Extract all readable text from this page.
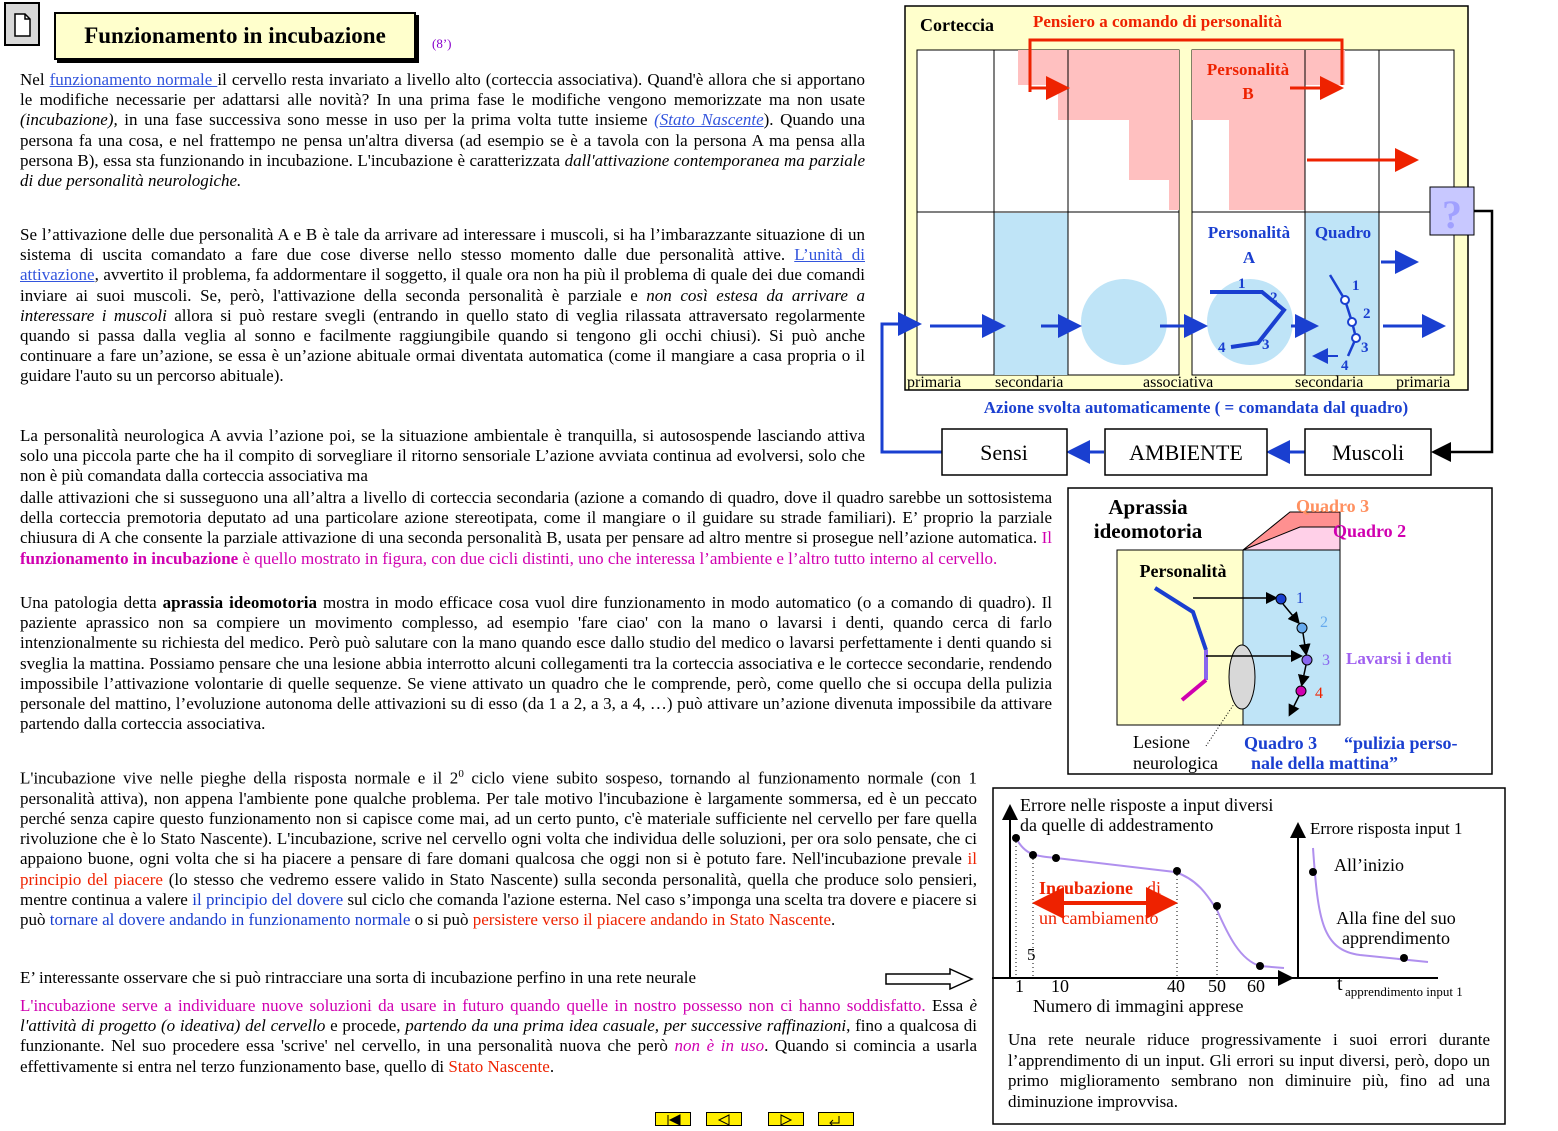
Funzionamento in incubazione	(8’)
Nel funzionamento normale il cervello resta invariato a livello alto (corteccia associativa). Quand'è allora che si apportano le modifiche necessarie per adattarsi alle novità? In una prima fase le modifiche vengono memorizzate ma non usate (incubazione), in una fase successiva sono messe in uso per la prima volta tutte insieme (Stato Nascente). Quando una persona fa una cosa, e nel frattempo ne pensa un'altra diversa (ad esempio se è a tavola con la persona A ma pensa alla persona B), essa sta funzionando in incubazione. L'incubazione è caratterizzata dall'attivazione contemporanea ma parziale di due personalità neurologiche.
Se l’attivazione delle due personalità A e B è tale da arrivare ad interessare i muscoli, si ha l’imbarazzante situazione di un sistema di uscita comandato a fare due cose diverse nello stesso momento dalle due personalità attive. L’unità di attivazione, avvertito il problema, fa addormentare il soggetto, il quale ora non ha più il problema di quale dei due comandi inviare ai suoi muscoli. Se, però, l'attivazione della seconda personalità è parziale e non così estesa da arrivare a interessare i muscoli allora si può restare svegli (entrando in quello stato di veglia rilassata attraversato regolarmente quando si passa dalla veglia al sonno e facilmente raggiungibile quando si tengono gli occhi chiusi). Si può anche continuare a fare un’azione, se essa è un’azione abituale ormai diventata automatica (come il mangiare a casa propria o il guidare l'auto su un percorso abituale).
La personalità neurologica A avvia l’azione poi, se la situazione ambientale è tranquilla, si autosospende lasciando attiva solo una piccola parte che ha il compito di sorvegliare il ritorno sensoriale L’azione avviata continua ad evolversi, solo che non è più comandata dalla corteccia associativa ma
dalle attivazioni che si susseguono una all’altra a livello di corteccia secondaria (azione a comando di quadro, dove il quadro sarebbe un sottosistema della corteccia premotoria deputato ad una particolare azione stereotipata, come il mangiare o il guidare su strade familiari). E’ proprio la parziale chiusura di A che consente la parziale attivazione di una seconda personalità B, usata per pensare ad altro mentre si prosegue nell’azione automatica. Il funzionamento in incubazione è quello mostrato in figura, con due cicli distinti, uno che interessa l’ambiente e l’altro tutto interno al cervello.
Una patologia detta aprassia ideomotoria mostra in modo efficace cosa vuol dire funzionamento in modo automatico (o a comando di quadro). Il paziente aprassico non sa compiere un movimento complesso, ad esempio 'fare ciao' con la mano o lavarsi i denti, quando cerca di farlo intenzionalmente su richiesta del medico. Però può salutare con la mano quando esce dallo studio del medico o lavarsi perfettamente i denti quando si sveglia la mattina. Possiamo pensare che una lesione abbia interrotto alcuni collegamenti tra la corteccia associativa e le cortecce secondarie, rendendo impossibile l’attivazione volontarie di quelle sequenze. Se viene attivato un quadro che le comprende, però, come quello che si occupa della pulizia personale del mattino, l’evoluzione autonoma delle attivazioni su di esso (da 1 a 2, a 3, a 4, …) può attivare un’azione divenuta impossibile da attivare partendo dalla corteccia associativa.
L'incubazione vive nelle pieghe della risposta normale e il $2^0$ ciclo viene subito sospeso, tornando al funzionamento normale (con 1 personalità attiva), non appena l'ambiente pone qualche problema. Per tale motivo l'incubazione è largamente sommersa, ed è un peccato perché senza capire questo funzionamento non si capisce come mai, ad un certo punto, c'è materiale sufficiente nel cervello per fare quella rivoluzione che è lo Stato Nascente). L'incubazione, scrive nel cervello ogni volta che individua delle soluzioni, per ora solo pensate, che ci appaiono buone, ogni volta che si ha piacere a pensare di fare domani qualcosa che oggi non si è potuto fare. Nell'incubazione prevale il principio del piacere (lo stesso che vedremo essere valido in Stato Nascente) sulla seconda personalità, quella che produce solo pensieri, mentre continua a valere il principio del dovere sul ciclo che comanda l'azione esterna. Nel caso s’imponga una scelta tra dovere e piacere si può tornare al dovere andando in funzionamento normale o si può persistere verso il piacere andando in Stato Nascente.
E’ interessante osservare che si può rintracciare una sorta di incubazione perfino in una rete neurale
L'incubazione serve a individuare nuove soluzioni da usare in futuro quando quelle in nostro possesso non ci hanno soddisfatto. Essa è l'attività di progetto (o ideativa) del cervello e procede, partendo da una prima idea casuale, per successive raffinazioni, fino a qualcosa di funzionante. Nel suo procedere essa 'scrive' nel cervello, in una personalità nuova che però non è in uso. Quando si comincia a usarla effettivamente si entra nel terzo funzionamento base, quello di Stato Nascente.
Corteccia Pensiero a comando di personalità
Personalità
B
Personalità
A
Quadro ?
1
2
3
4
1
2
3
4
primaria secondaria	associativa	secondaria primaria
Azione svolta automaticamente ( = comandata dal quadro)
Sensi	AMBIENTE	Muscoli
Aprassia
ideomotoria
Quadro 3
Quadro 2
Personalità
1
2
3
4
Lavarsi i denti
Lesione
neurologica
Quadro 3 “pulizia perso-
nale della mattina”
Errore nelle risposte a input diversi
da quelle di addestramento
Incubazione di
un cambiamento
5
1 10	40 50 60
Numero di immagini apprese
Errore risposta input 1
All’inizio
Alla fine del suo
apprendimento
t apprendimento input 1
Una rete neurale riduce progressivamente i suoi errori durante l’apprendimento di un input. Gli errori su input diversi, però, dopo un primo miglioramento sembrano non diminuire più, fino ad una diminuzione improvvisa.
